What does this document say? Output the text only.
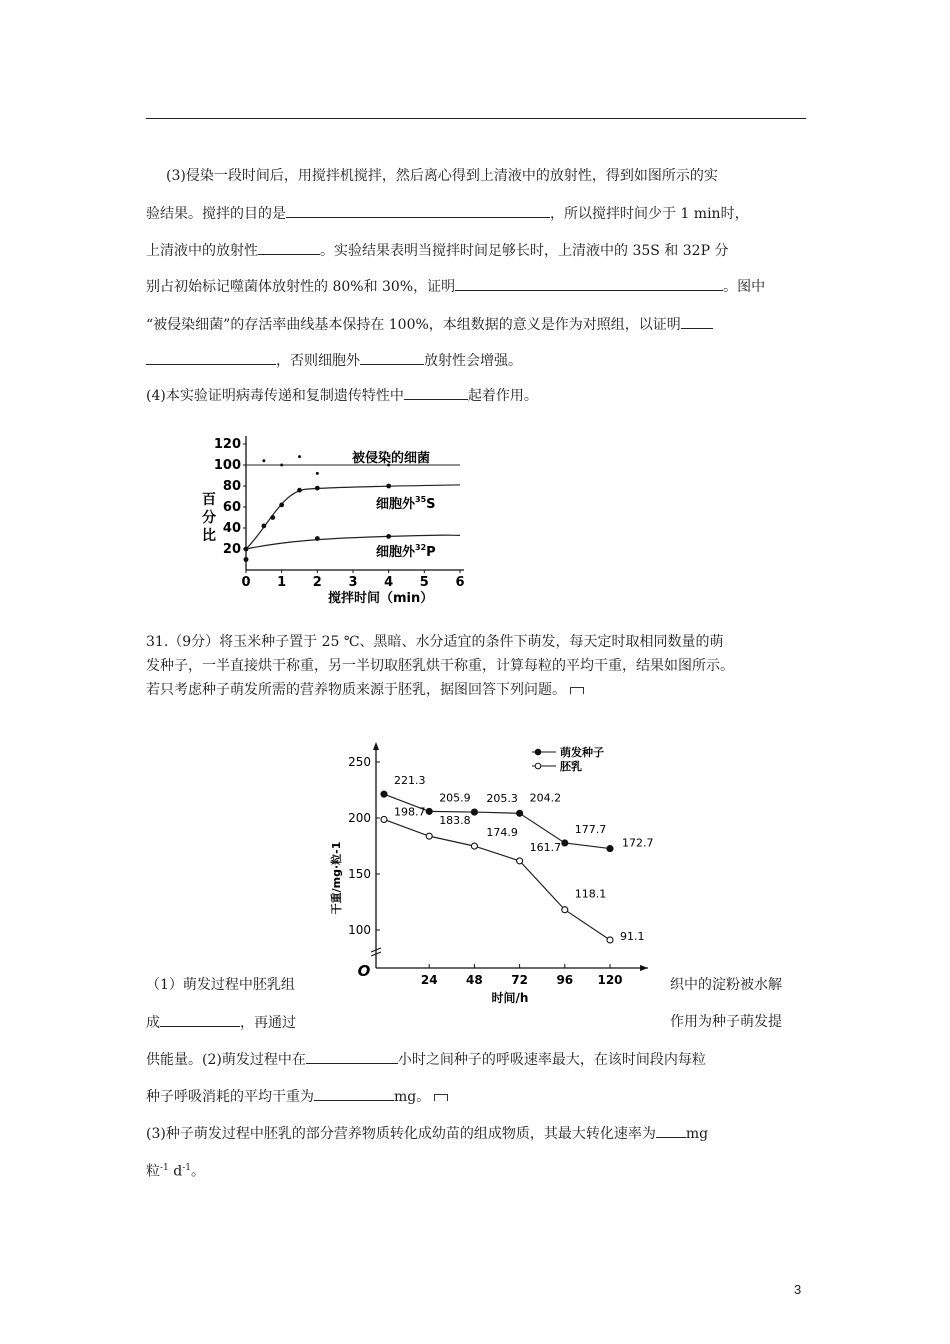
(3)侵染一段时间后，用搅拌机搅拌，然后离心得到上清液中的放射性，得到如图所示的实
验结果。搅拌的目的是	，所以搅拌时间少于 1 min时，
上清液中的放射性	。实验结果表明当搅拌时间足够长时，上清液中的 35S 和 32P 分
别占初始标记噬菌体放射性的 80%和 30%，证明	。图中
“被侵染细菌”的存活率曲线基本保持在 100%，本组数据的意义是作为对照组，以证明
，否则细胞外	放射性会增强。
(4)本实验证明病毒传递和复制遗传特性中	起着作用。
20
40
60
80
100
120
0 1 2 3 4 5 6
百
分
比
被侵染的细菌
细胞外$^{35}$S
细胞外$^{32}$P
搅拌时间（min）
31.（9分）将玉米种子置于 25 ℃、黑暗、水分适宜的条件下萌发，每天定时取相同数量的萌
发种子，一半直接烘干称重，另一半切取胚乳烘干称重，计算每粒的平均干重，结果如图所示。
若只考虑种子萌发所需的营养物质来源于胚乳，据图回答下列问题。
O
100
150
200
250
24 48 72 96 120
221.3
205.9 205.3 204.2
177.7
172.7
198.7
183.8
174.9
161.7
118.1
91.1
萌发种子
胚乳
干重/mg·粒-1
时间/h
（1）萌发过程中胚乳组	织中的淀粉被水解
成	，再通过	作用为种子萌发提
供能量。(2)萌发过程中在	小时之间种子的呼吸速率最大，在该时间段内每粒
种子呼吸消耗的平均干重为	mg。
(3)种子萌发过程中胚乳的部分营养物质转化成幼苗的组成物质，其最大转化速率为 mg
粒$^{-1}$ $d^{-1}$。
3
